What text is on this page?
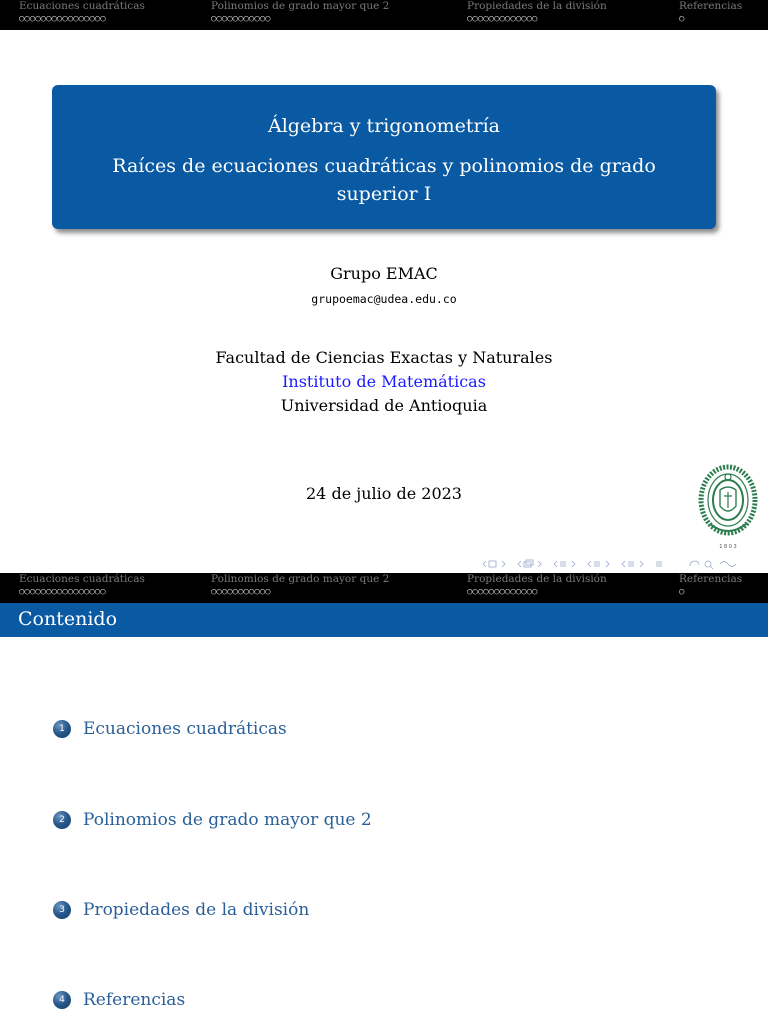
Ecuaciones cuadráticas
○○○○○○○○○○○○○○○○
Polinomios de grado mayor que 2
○○○○○○○○○○○
Propiedades de la división
○○○○○○○○○○○○○
Referencias
○
Álgebra y trigonometría
Raíces de ecuaciones cuadráticas y polinomios de grado superior I
Grupo EMAC
grupoemac@udea.edu.co
Facultad de Ciencias Exactas y Naturales
Instituto de Matemáticas
Universidad de Antioquia
24 de julio de 2023
1 8 0 3
Ecuaciones cuadráticas
○○○○○○○○○○○○○○○○
Polinomios de grado mayor que 2
○○○○○○○○○○○
Propiedades de la división
○○○○○○○○○○○○○
Referencias
○
Contenido
1	Ecuaciones cuadráticas
2	Polinomios de grado mayor que 2
3	Propiedades de la división
4	Referencias
